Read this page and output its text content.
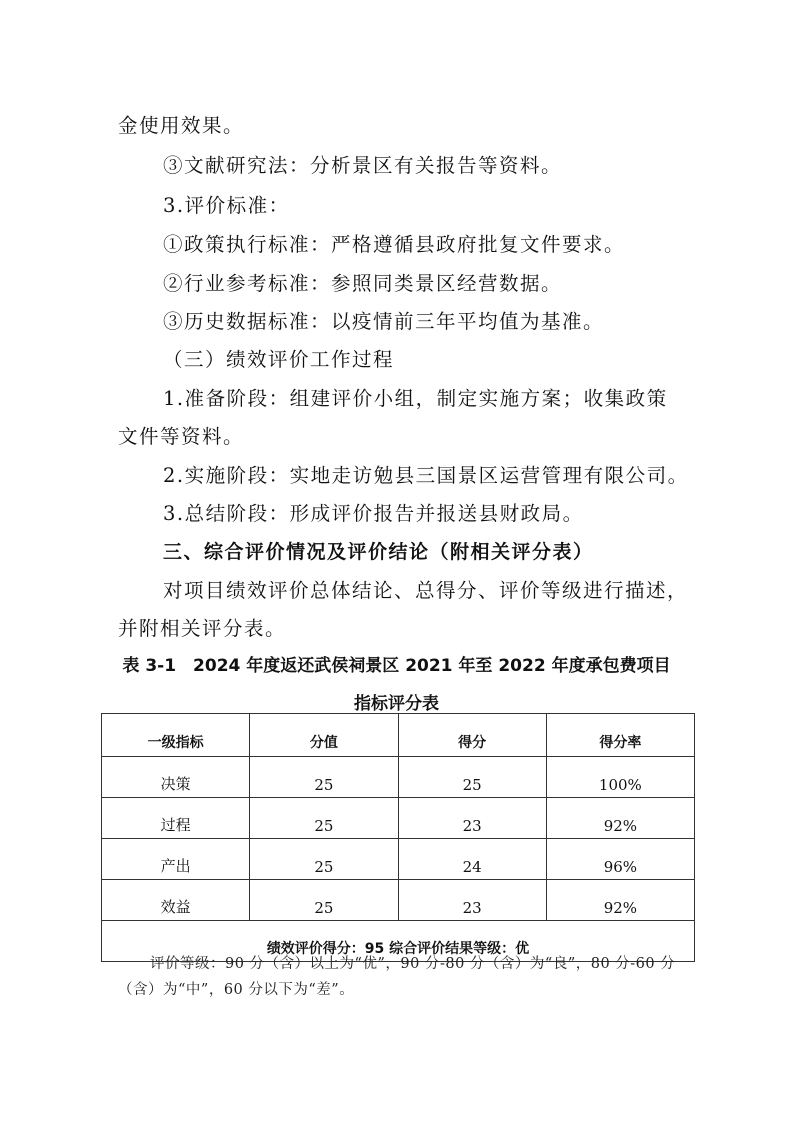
金使用效果。
③文献研究法：分析景区有关报告等资料。
3.评价标准：
①政策执行标准：严格遵循县政府批复文件要求。
②行业参考标准：参照同类景区经营数据。
③历史数据标准：以疫情前三年平均值为基准。
（三）绩效评价工作过程
1.准备阶段：组建评价小组，制定实施方案；收集政策
文件等资料。
2.实施阶段：实地走访勉县三国景区运营管理有限公司。
3.总结阶段：形成评价报告并报送县财政局。
三、综合评价情况及评价结论（附相关评分表）
对项目绩效评价总体结论、总得分、评价等级进行描述，
并附相关评分表。
表 3-1　2024 年度返还武侯祠景区 2021 年至 2022 年度承包费项目
指标评分表
一级指标	分值	得分	得分率
决策	25	25	100%
过程	25	23	92%
产出	25	24	96%
效益	25	23	92%
绩效评价得分：95 综合评价结果等级：优			
评价等级：90 分（含）以上为“优”，90 分-80 分（含）为“良”，80 分-60 分
（含）为“中”，60 分以下为“差”。
